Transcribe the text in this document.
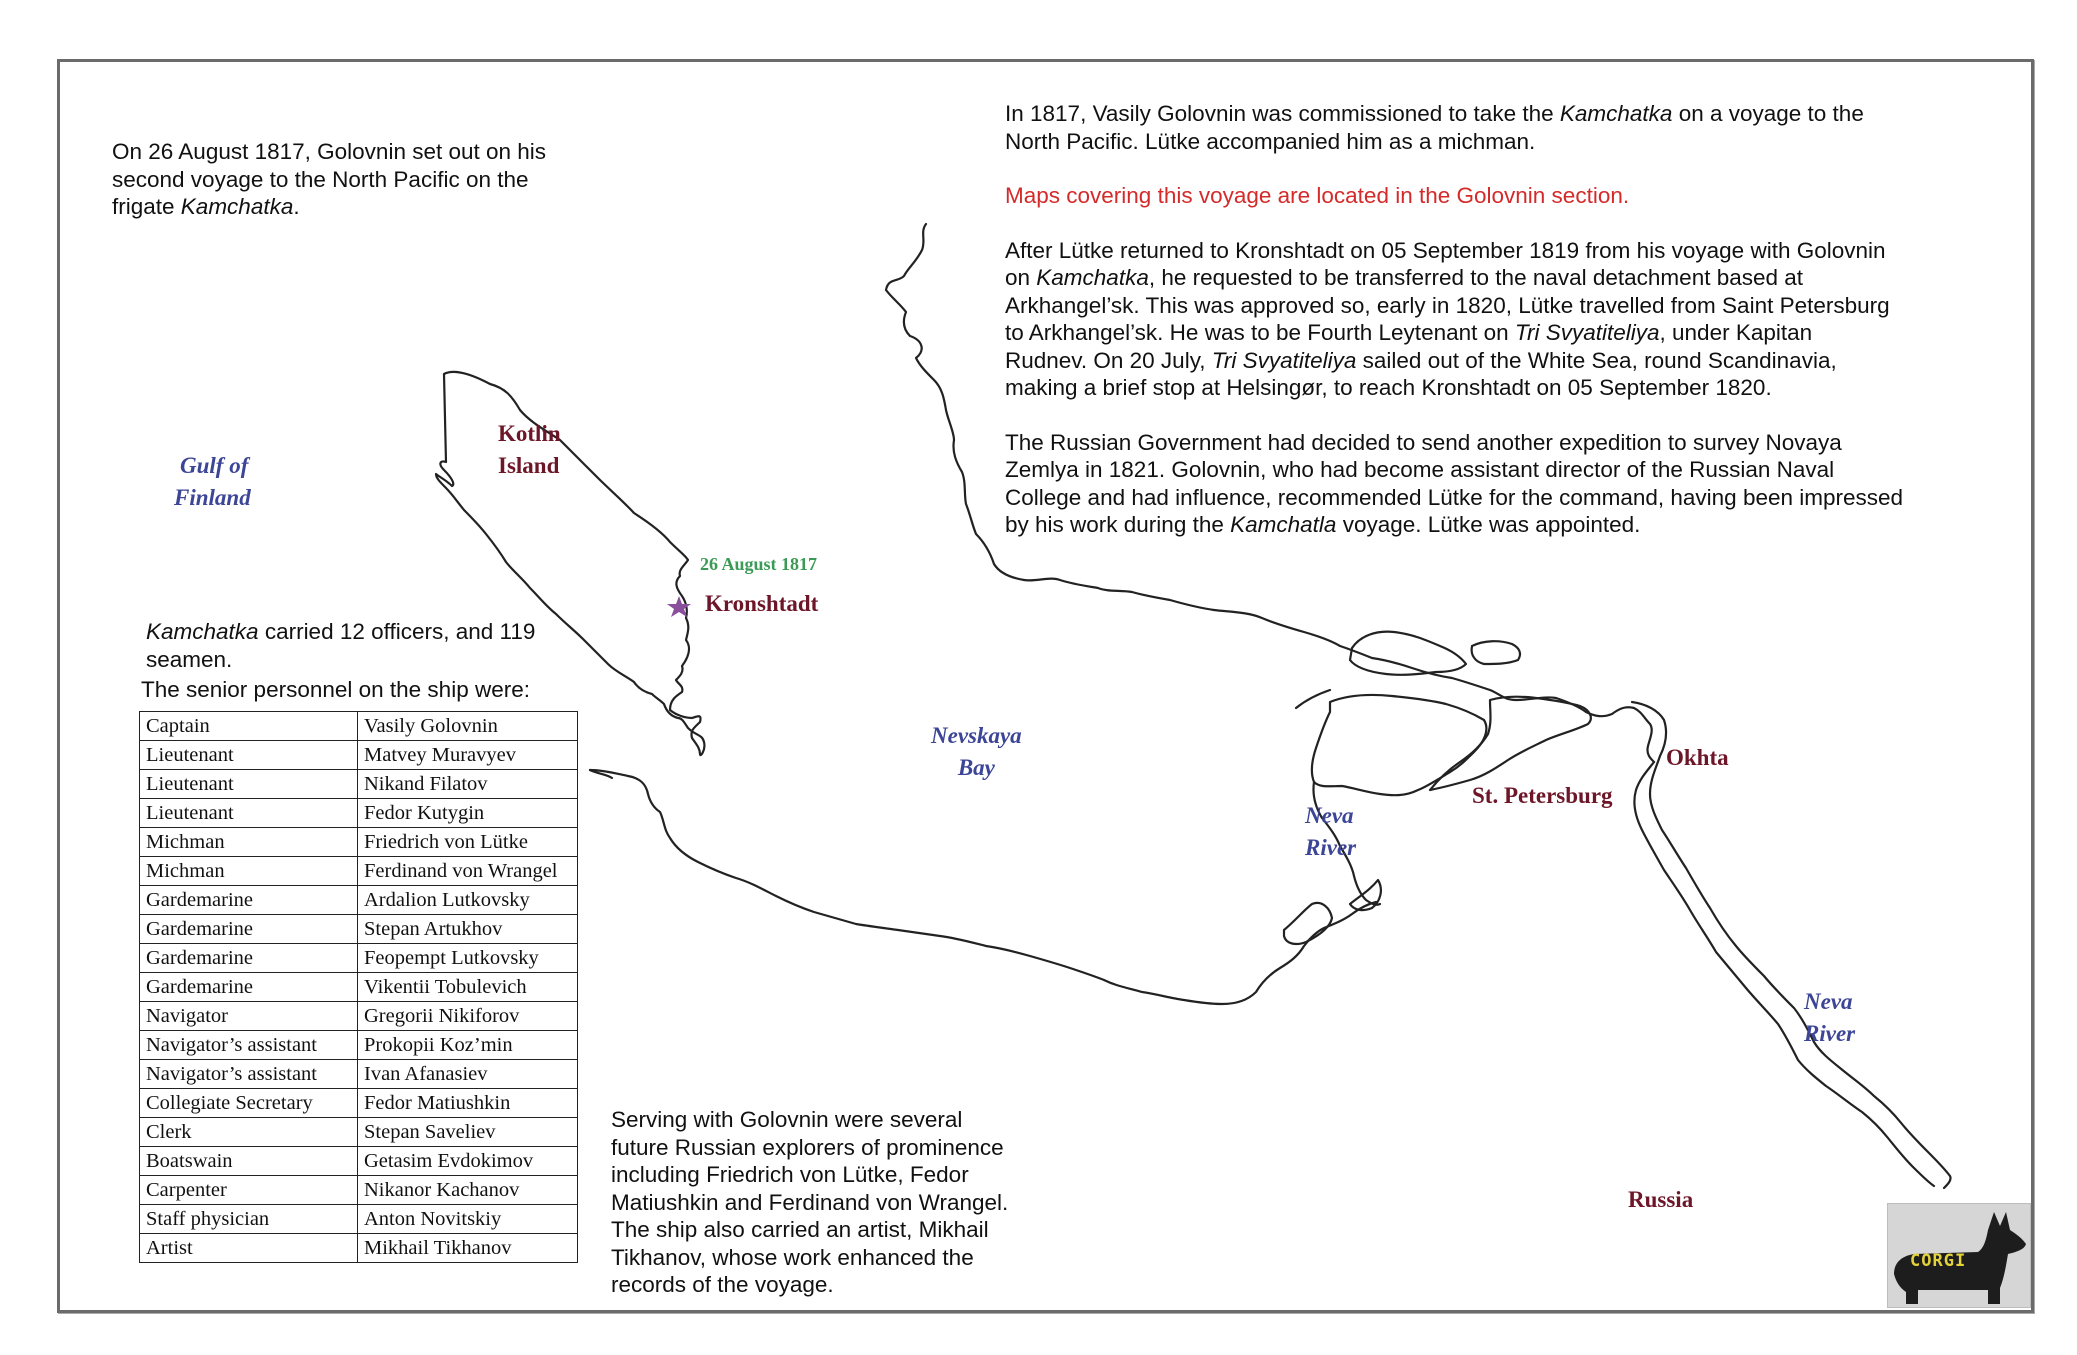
On 26 August 1817, Golovnin set out on his
second voyage to the North Pacific on the
frigate Kamchatka.

In 1817, Vasily Golovnin was commissioned to take the Kamchatka on a voyage to the
North Pacific. Lütke accompanied him as a michman.

Maps covering this voyage are located in the Golovnin section.

After Lütke returned to Kronshtadt on 05 September 1819 from his voyage with Golovnin
on Kamchatka, he requested to be transferred to the naval detachment based at
Arkhangel’sk. This was approved so, early in 1820, Lütke travelled from Saint Petersburg
to Arkhangel’sk. He was to be Fourth Leytenant on Tri Svyatiteliya, under Kapitan
Rudnev. On 20 July, Tri Svyatiteliya sailed out of the White Sea, round Scandinavia,
making a brief stop at Helsingør, to reach Kronshtadt on 05 September 1820.

The Russian Government had decided to send another expedition to survey Novaya
Zemlya in 1821. Golovnin, who had become assistant director of the Russian Naval
College and had influence, recommended Lütke for the command, having been impressed
by his work during the Kamchatla voyage. Lütke was appointed.

Kamchatka carried 12 officers, and 119
seamen.
The senior personnel on the ship were:
Captain	Vasily Golovnin
Lieutenant	Matvey Muravyev
Lieutenant	Nikand Filatov
Lieutenant	Fedor Kutygin
Michman	Friedrich von Lütke
Michman	Ferdinand von Wrangel
Gardemarine	Ardalion Lutkovsky
Gardemarine	Stepan Artukhov
Gardemarine	Feopempt Lutkovsky
Gardemarine	Vikentii Tobulevich
Navigator	Gregorii Nikiforov
Navigator’s assistant	Prokopii Koz’min
Navigator’s assistant	Ivan Afanasiev
Collegiate Secretary	Fedor Matiushkin
Clerk	Stepan Saveliev
Boatswain	Getasim Evdokimov
Carpenter	Nikanor Kachanov
Staff physician	Anton Novitskiy
Artist	Mikhail Tikhanov
Serving with Golovnin were several
future Russian explorers of prominence
including Friedrich von Lütke, Fedor
Matiushkin and Ferdinand von Wrangel.
The ship also carried an artist, Mikhail
Tikhanov, whose work enhanced the
records of the voyage.
Gulf of
Finland
Kotlin
Island
26 August 1817
Kronshtadt
Nevskaya
Bay
Neva
River
St. Petersburg
Okhta
Neva
River
Russia
CORGI
